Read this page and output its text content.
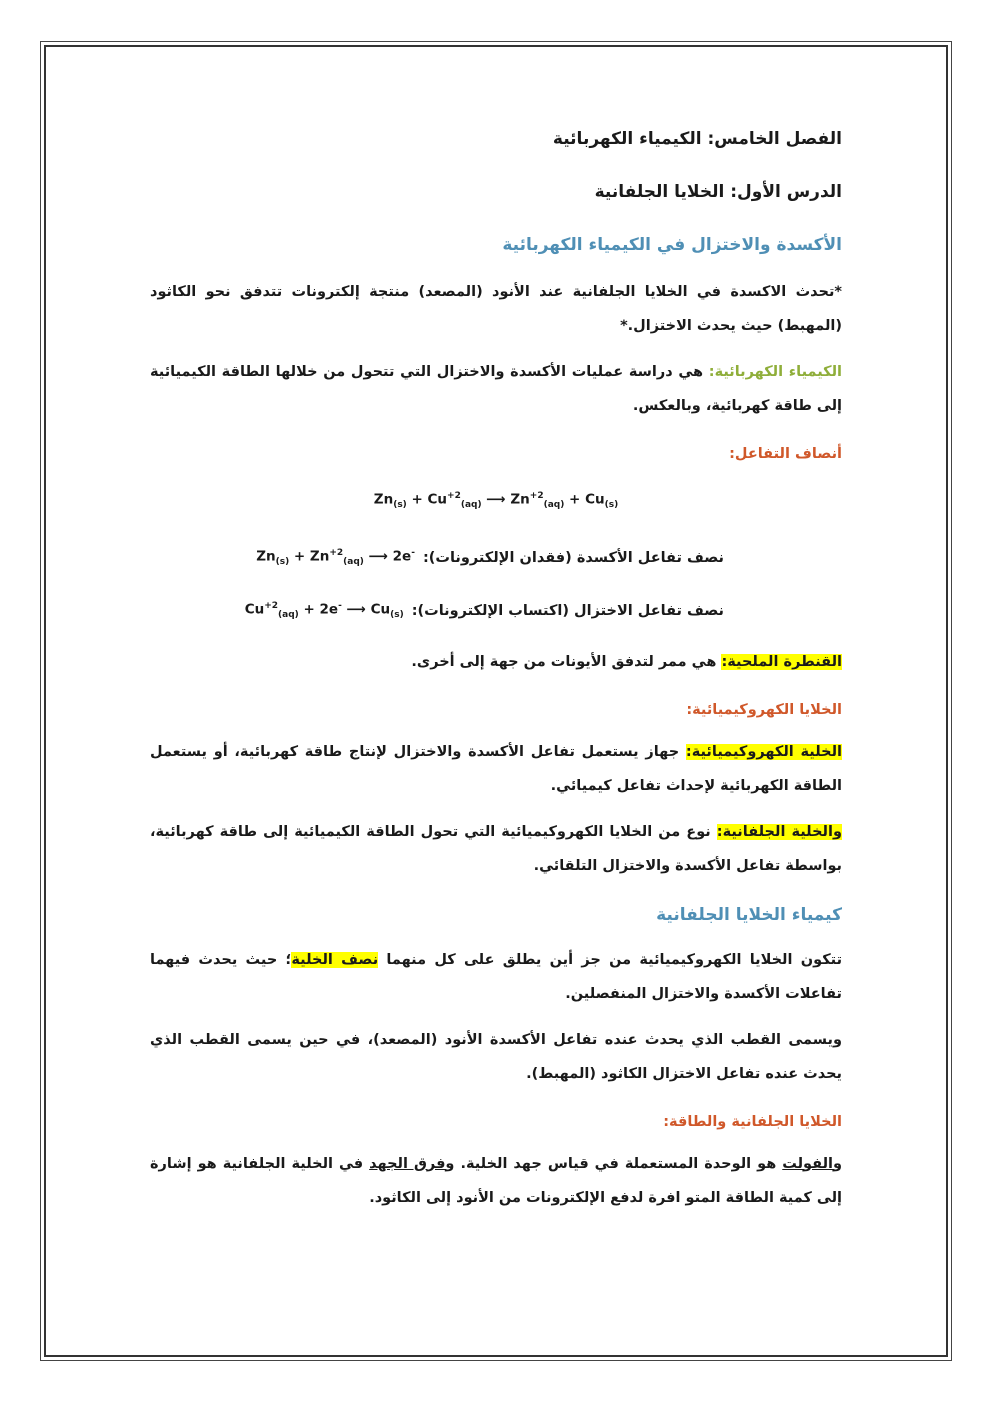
الفصل الخامس: الكيمياء الكهربائية
الدرس الأول: الخلايا الجلفانية
الأكسدة والاختزال في الكيمياء الكهربائية

*تحدث الاكسدة في الخلايا الجلفانية عند الأنود (المصعد) منتجة إلكترونات تتدفق نحو الكاثود (المهبط) حيث يحدث الاختزال.*

الكيمياء الكهربائية: هي دراسة عمليات الأكسدة والاختزال التي تتحول من خلالها الطاقة الكيميائية إلى طاقة كهربائية، وبالعكس.

أنصاف التفاعل:
$Zn_{(s)} + Cu^{+2}_{(aq)}$ ⟶ $Zn^{+2}_{(aq)} + Cu_{(s)}$
نصف تفاعل الأكسدة (فقدان الإلكترونات):
$Zn_{(s)} + Zn^{+2}_{(aq)}$ ⟶ 2e-
نصف تفاعل الاختزال (اكتساب الإلكترونات):
$Cu^{+2}_{(aq)} + 2e^-$ ⟶ $Cu_{(s)}$

القنطرة الملحية: هي ممر لتدفق الأيونات من جهة إلى أخرى.

الخلايا الكهروكيميائية:

الخلية الكهروكيميائية: جهاز يستعمل تفاعل الأكسدة والاختزال لإنتاج طاقة كهربائية، أو يستعمل الطاقة الكهربائية لإحداث تفاعل كيميائي.

والخلية الجلفانية: نوع من الخلايا الكهروكيميائية التي تحول الطاقة الكيميائية إلى طاقة كهربائية، بواسطة تفاعل الأكسدة والاختزال التلقائي.

كيمياء الخلايا الجلفانية

تتكون الخلايا الكهروكيميائية من جز أين يطلق على كل منهما نصف الخلية؛ حيث يحدث فيهما تفاعلات الأكسدة والاختزال المنفصلين.

ويسمى القطب الذي يحدث عنده تفاعل الأكسدة الأنود (المصعد)، في حين يسمى القطب الذي يحدث عنده تفاعل الاختزال الكاثود (المهبط).

الخلايا الجلفانية والطاقة:

والفولت هو الوحدة المستعملة في قياس جهد الخلية. وفرق الجهد في الخلية الجلفانية هو إشارة إلى كمية الطاقة المتو افرة لدفع الإلكترونات من الأنود إلى الكاثود.
